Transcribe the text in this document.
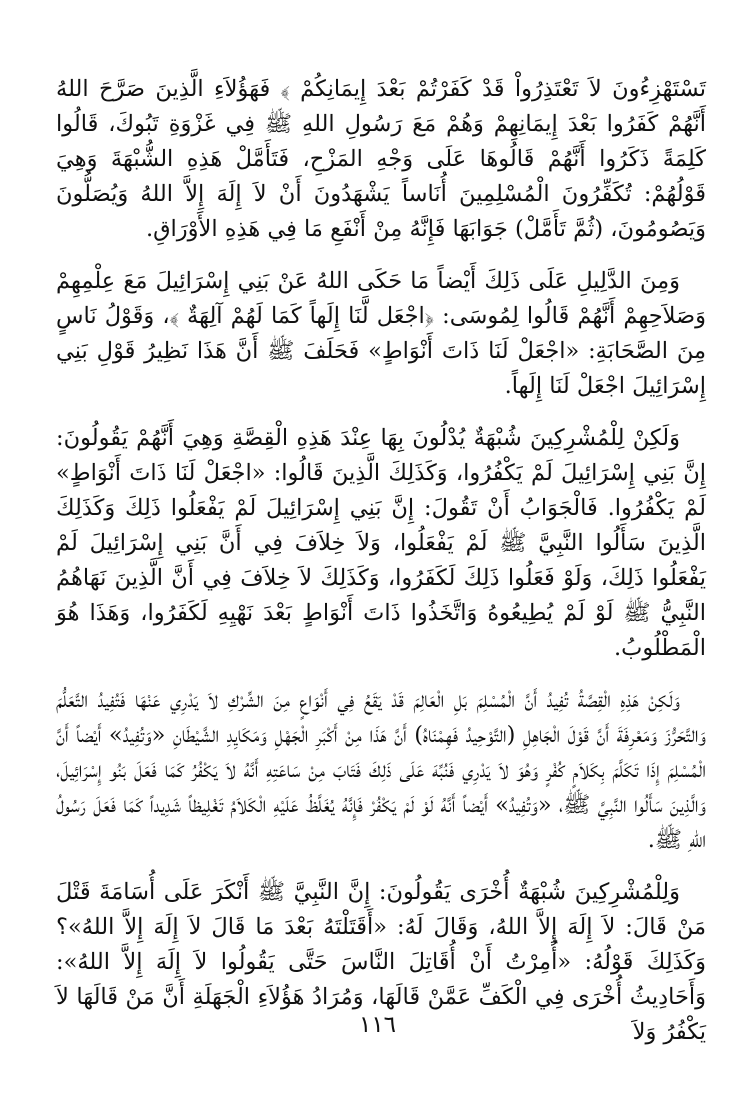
تَسْتَهْزِءُونَ لاَ تَعْتَذِرُواْ قَدْ كَفَرْتُمْ بَعْدَ إِيمَانِكُمْ ﴾ فَهَؤُلاَءِ الَّذِينَ صَرَّحَ اللهُ أَنَّهُمْ كَفَرُوا بَعْدَ إِيمَانِهِمْ وَهُمْ مَعَ رَسُولِ اللهِ ﷺ فِي غَزْوَةِ تَبُوكَ، قَالُوا كَلِمَةً ذَكَرُوا أَنَّهُمْ قَالُوهَا عَلَى وَجْهِ المَزْحِ، فَتَأَمَّلْ هَذِهِ الشُّبْهَةَ وَهِيَ قَوْلُهُمْ: تُكَفِّرُونَ الْمُسْلِمِينَ أُنَاساً يَشْهَدُونَ أَنْ لاَ إِلَهَ إِلاَّ اللهُ وَيُصَلُّونَ وَيَصُومُونَ، (ثُمَّ تَأَمَّلْ) جَوَابَهَا فَإِنَّهُ مِنْ أَنْفَعِ مَا فِي هَذِهِ الأَوْرَاقِ.

وَمِنَ الدَّلِيلِ عَلَى ذَلِكَ أَيْضاً مَا حَكَى اللهُ عَنْ بَنِي إِسْرَائِيلَ مَعَ عِلْمِهِمْ وَصَلاَحِهِمْ أَنَّهُمْ قَالُوا لِمُوسَى: ﴿اجْعَل لَّنَا إِلَهاً كَمَا لَهُمْ آلِهَةٌ ﴾، وَقَوْلُ نَاسٍ مِنَ الصَّحَابَةِ: «اجْعَلْ لَنَا ذَاتَ أَنْوَاطٍ» فَحَلَفَ ﷺ أَنَّ هَذَا نَظِيرُ قَوْلِ بَنِي إِسْرَائِيلَ اجْعَلْ لَنَا إِلَهاً.

وَلَكِنْ لِلْمُشْرِكِينَ شُبْهَةٌ يُدْلُونَ بِهَا عِنْدَ هَذِهِ الْقِصَّةِ وَهِيَ أَنَّهُمْ يَقُولُونَ: إِنَّ بَنِي إِسْرَائِيلَ لَمْ يَكْفُرُوا، وَكَذَلِكَ الَّذِينَ قَالُوا: «اجْعَلْ لَنَا ذَاتَ أَنْوَاطٍ» لَمْ يَكْفُرُوا. فَالْجَوَابُ أَنْ تَقُولَ: إِنَّ بَنِي إِسْرَائِيلَ لَمْ يَفْعَلُوا ذَلِكَ وَكَذَلِكَ الَّذِينَ سَأَلُوا النَّبِيَّ ﷺ لَمْ يَفْعَلُوا، وَلاَ خِلاَفَ فِي أَنَّ بَنِي إِسْرَائِيلَ لَمْ يَفْعَلُوا ذَلِكَ، وَلَوْ فَعَلُوا ذَلِكَ لَكَفَرُوا، وَكَذَلِكَ لاَ خِلاَفَ فِي أَنَّ الَّذِينَ نَهَاهُمُ النَّبِيُّ ﷺ لَوْ لَمْ يُطِيعُوهُ وَاتَّخَذُوا ذَاتَ أَنْوَاطٍ بَعْدَ نَهْيِهِ لَكَفَرُوا، وَهَذَا هُوَ الْمَطْلُوبُ.

وَلَكِنْ هَذِهِ الْقِصَّةُ تُفِيدُ أَنَّ الْمُسْلِمَ بَلِ الْعَالِمَ قَدْ يَقَعُ فِي أَنْوَاعٍ مِنَ الشِّرْكِ لاَ يَدْرِي عَنْهَا فَتُفِيدُ التَّعَلُّمَ وَالتَّحَرُّزَ وَمَعْرِفَةَ أَنَّ قَوْلَ الْجَاهِلِ (التَّوْحِيدُ فَهِمْنَاهُ) أَنَّ هَذَا مِنْ أَكْبَرِ الْجَهْلِ وَمَكَايِدِ الشَّيْطَانِ «وَتُفِيدُ» أَيْضاً أَنَّ الْمُسْلِمَ إِذَا تَكَلَّمَ بِكَلاَمٍ كُفْرٍ وَهُوَ لاَ يَدْرِي فَنُبِّهَ عَلَى ذَلِكَ فَتَابَ مِنْ سَاعَتِهِ أَنَّهُ لاَ يَكْفُرُ كَمَا فَعَلَ بَنُو إِسْرَائِيلَ، وَالَّذِينَ سَأَلُوا النَّبِيَّ ﷺ، «وَتُفِيدُ» أَيْضاً أَنَّهُ لَوْ لَمْ يَكْفُرْ فَإِنَّهُ يُغَلَّظُ عَلَيْهِ الْكَلاَمُ تَغْلِيظاً شَدِيداً كَمَا فَعَلَ رَسُولُ اللهِ ﷺ.

وَلِلْمُشْرِكِينَ شُبْهَةٌ أُخْرَى يَقُولُونَ: إِنَّ النَّبِيَّ ﷺ أَنْكَرَ عَلَى أُسَامَةَ قَتْلَ مَنْ قَالَ: لاَ إِلَهَ إِلاَّ اللهُ، وَقَالَ لَهُ: «أَقَتَلْتَهُ بَعْدَ مَا قَالَ لاَ إِلَهَ إِلاَّ اللهُ»؟ وَكَذَلِكَ قَوْلُهُ: «أُمِرْتُ أَنْ أُقَاتِلَ النَّاسَ حَتَّى يَقُولُوا لاَ إِلَهَ إِلاَّ اللهُ»: وَأَحَادِيثُ أُخْرَى فِي الْكَفِّ عَمَّنْ قَالَهَا، وَمُرَادُ هَؤُلاَءِ الْجَهَلَةِ أَنَّ مَنْ قَالَهَا لاَ يَكْفُرُ وَلاَ

١١٦
